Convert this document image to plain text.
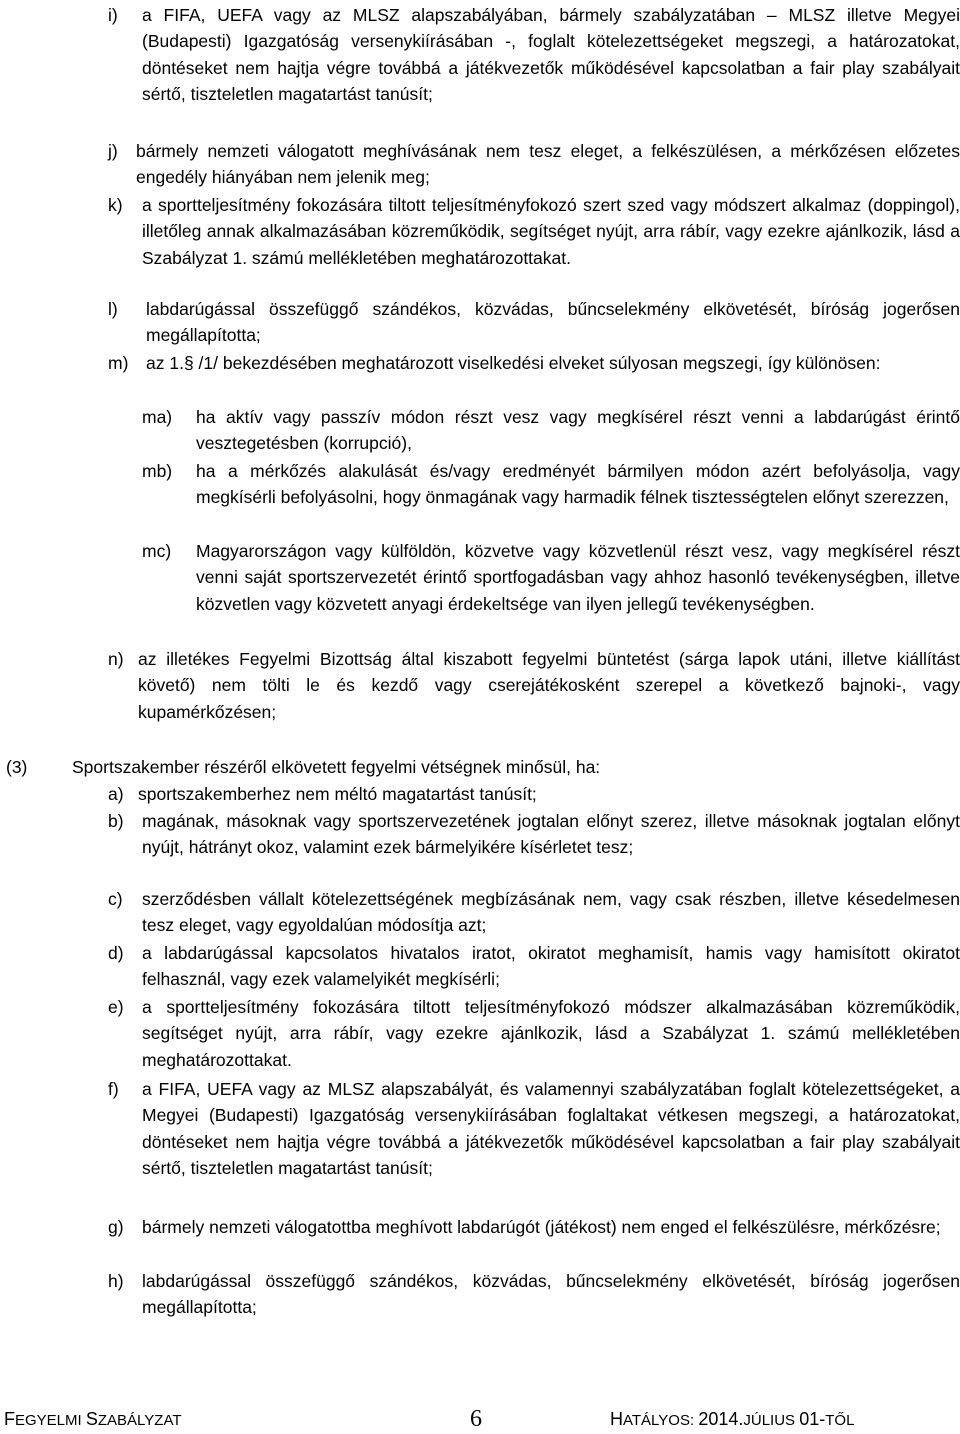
i) a FIFA, UEFA vagy az MLSZ alapszabályában, bármely szabályzatában – MLSZ illetve Megyei (Budapesti) Igazgatóság versenykiírásában -, foglalt kötelezettségeket megszegi, a határozatokat, döntéseket nem hajtja végre továbbá a játékvezetők működésével kapcsolatban a fair play szabályait sértő, tiszteletlen magatartást tanúsít;
j) bármely nemzeti válogatott meghívásának nem tesz eleget, a felkészülésen, a mérkőzésen előzetes engedély hiányában nem jelenik meg;
k) a sportteljesítmény fokozására tiltott teljesítményfokozó szert szed vagy módszert alkalmaz (doppingol), illetőleg annak alkalmazásában közreműködik, segítséget nyújt, arra rábír, vagy ezekre ajánlkozik, lásd a Szabályzat 1. számú mellékletében meghatározottakat.
l) labdarúgással összefüggő szándékos, közvádas, bűncselekmény elkövetését, bíróság jogerősen megállapította;
m) az 1.§ /1/ bekezdésében meghatározott viselkedési elveket súlyosan megszegi, így különösen:
ma) ha aktív vagy passzív módon részt vesz vagy megkísérel részt venni a labdarúgást érintő vesztegetésben (korrupció),
mb) ha a mérkőzés alakulását és/vagy eredményét bármilyen módon azért befolyásolja, vagy megkísérli befolyásolni, hogy önmagának vagy harmadik félnek tisztességtelen előnyt szerezzen,
mc) Magyarországon vagy külföldön, közvetve vagy közvetlenül részt vesz, vagy megkísérel részt venni saját sportszervezetét érintő sportfogadásban vagy ahhoz hasonló tevékenységben, illetve közvetlen vagy közvetett anyagi érdekeltsége van ilyen jellegű tevékenységben.
n) az illetékes Fegyelmi Bizottság által kiszabott fegyelmi büntetést (sárga lapok utáni, illetve kiállítást követő) nem tölti le és kezdő vagy cserejátékosként szerepel a következő bajnoki-, vagy kupamérkőzésen;
(3)	Sportszakember részéről elkövetett fegyelmi vétségnek minősül, ha:
a) sportszakemberhez nem méltó magatartást tanúsít;
b) magának, másoknak vagy sportszervezetének jogtalan előnyt szerez, illetve másoknak jogtalan előnyt nyújt, hátrányt okoz, valamint ezek bármelyikére kísérletet tesz;
c) szerződésben vállalt kötelezettségének megbízásának nem, vagy csak részben, illetve késedelmesen tesz eleget, vagy egyoldalúan módosítja azt;
d) a labdarúgással kapcsolatos hivatalos iratot, okiratot meghamisít, hamis vagy hamisított okiratot felhasznál, vagy ezek valamelyikét megkísérli;
e) a sportteljesítmény fokozására tiltott teljesítményfokozó módszer alkalmazásában közreműködik, segítséget nyújt, arra rábír, vagy ezekre ajánlkozik, lásd a Szabályzat 1. számú mellékletében meghatározottakat.
f) a FIFA, UEFA vagy az MLSZ alapszabályát, és valamennyi szabályzatában foglalt kötelezettségeket, a Megyei (Budapesti) Igazgatóság versenykiírásában foglaltakat vétkesen megszegi, a határozatokat, döntéseket nem hajtja végre továbbá a játékvezetők működésével kapcsolatban a fair play szabályait sértő, tiszteletlen magatartást tanúsít;
g) bármely nemzeti válogatottba meghívott labdarúgót (játékost) nem enged el felkészülésre, mérkőzésre;
h) labdarúgással összefüggő szándékos, közvádas, bűncselekmény elkövetését, bíróság jogerősen megállapította;
FEGYELMI SZABÁLYZAT	6	HATÁLYOS: 2014.JÚLIUS 01-TŐL
